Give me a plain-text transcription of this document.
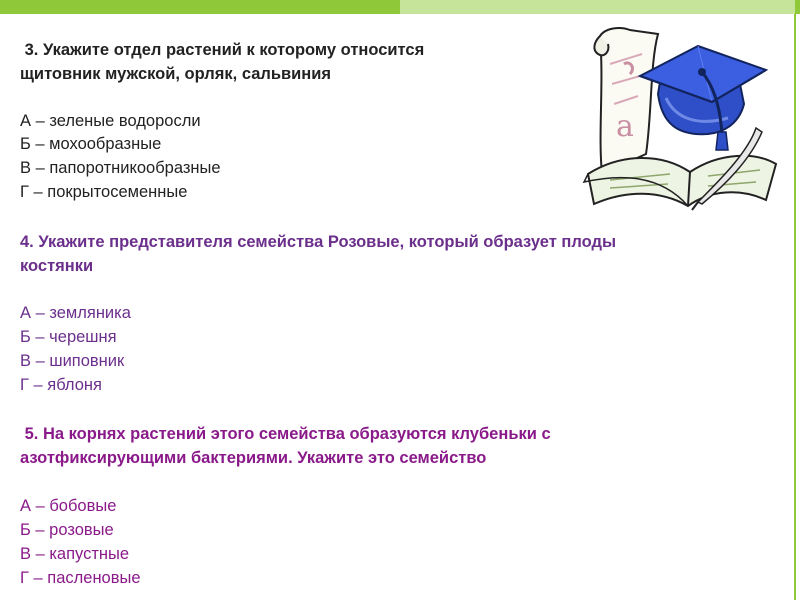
a
3. Укажите отдел растений к которому относится
щитовник мужской, орляк, сальвиния
А – зеленые водоросли
Б – мохообразные
В – папоротникообразные
Г – покрытосеменные
4. Укажите представителя семейства Розовые, который образует плоды
костянки
А – земляника
Б – черешня
В – шиповник
Г – яблоня
5. На корнях растений этого семейства образуются клубеньки с
азотфиксирующими бактериями. Укажите это семейство
А – бобовые
Б – розовые
В – капустные
Г – пасленовые
